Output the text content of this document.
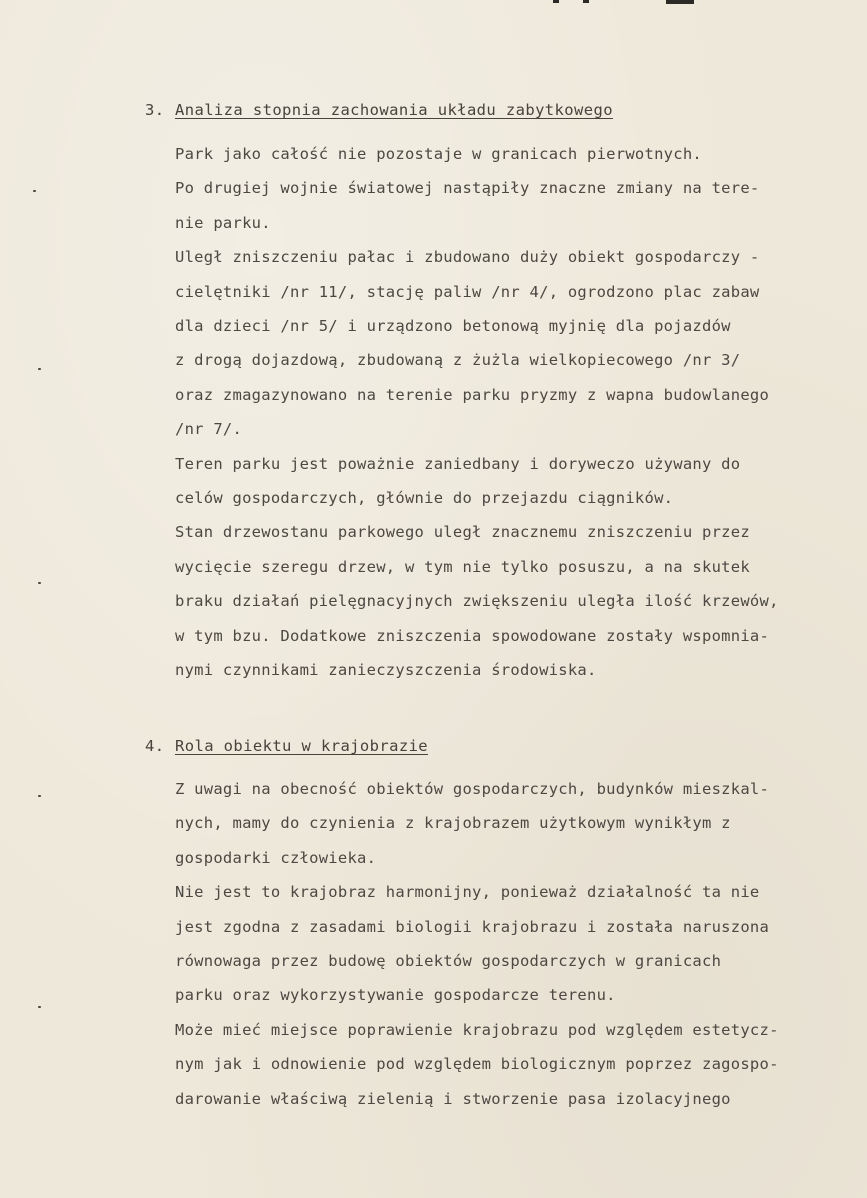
3. Analiza stopnia zachowania układu zabytkowego
Park jako całość nie pozostaje w granicach pierwotnych.
Po drugiej wojnie światowej nastąpiły znaczne zmiany na tere-
nie parku.
Uległ zniszczeniu pałac i zbudowano duży obiekt gospodarczy -
cielętniki /nr 11/, stację paliw /nr 4/, ogrodzono plac zabaw
dla dzieci /nr 5/ i urządzono betonową myjnię dla pojazdów
z drogą dojazdową, zbudowaną z żużla wielkopiecowego /nr 3/
oraz zmagazynowano na terenie parku pryzmy z wapna budowlanego
/nr 7/.
Teren parku jest poważnie zaniedbany i doryweczo używany do
celów gospodarczych, głównie do przejazdu ciągników.
Stan drzewostanu parkowego uległ znacznemu zniszczeniu przez
wycięcie szeregu drzew, w tym nie tylko posuszu, a na skutek
braku działań pielęgnacyjnych zwiększeniu uległa ilość krzewów,
w tym bzu. Dodatkowe zniszczenia spowodowane zostały wspomnia-
nymi czynnikami zanieczyszczenia środowiska.
4. Rola obiektu w krajobrazie
Z uwagi na obecność obiektów gospodarczych, budynków mieszkal-
nych, mamy do czynienia z krajobrazem użytkowym wynikłym z
gospodarki człowieka.
Nie jest to krajobraz harmonijny, ponieważ działalność ta nie
jest zgodna z zasadami biologii krajobrazu i została naruszona
równowaga przez budowę obiektów gospodarczych w granicach
parku oraz wykorzystywanie gospodarcze terenu.
Może mieć miejsce poprawienie krajobrazu pod względem estetycz-
nym jak i odnowienie pod względem biologicznym poprzez zagospo-
darowanie właściwą zielenią i stworzenie pasa izolacyjnego
